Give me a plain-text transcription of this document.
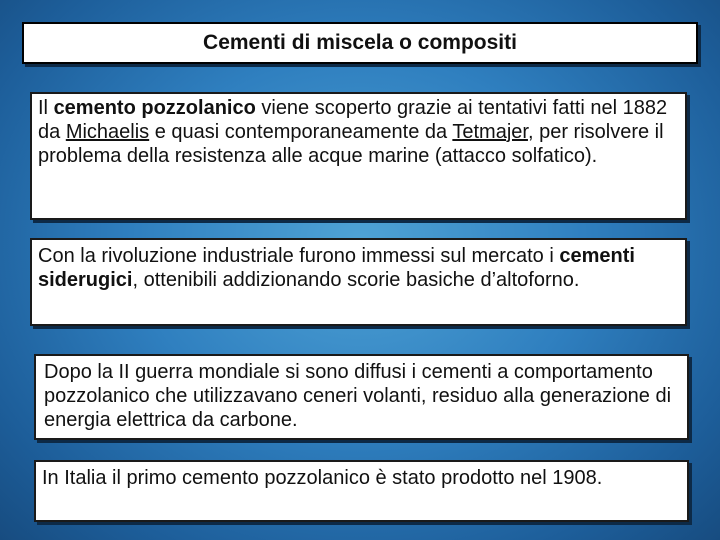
Cementi di miscela o compositi
Il cemento pozzolanico viene scoperto grazie ai tentativi fatti nel 1882 da Michaelis e quasi contemporaneamente da Tetmajer, per risolvere il problema della resistenza alle acque marine (attacco solfatico).
Con la rivoluzione industriale furono immessi sul mercato i cementi siderugici, ottenibili addizionando scorie basiche d’altoforno.
Dopo la II guerra mondiale si sono diffusi i cementi a comportamento pozzolanico che utilizzavano ceneri volanti, residuo alla generazione di energia elettrica da carbone.
In Italia il primo cemento pozzolanico è stato prodotto nel 1908.
